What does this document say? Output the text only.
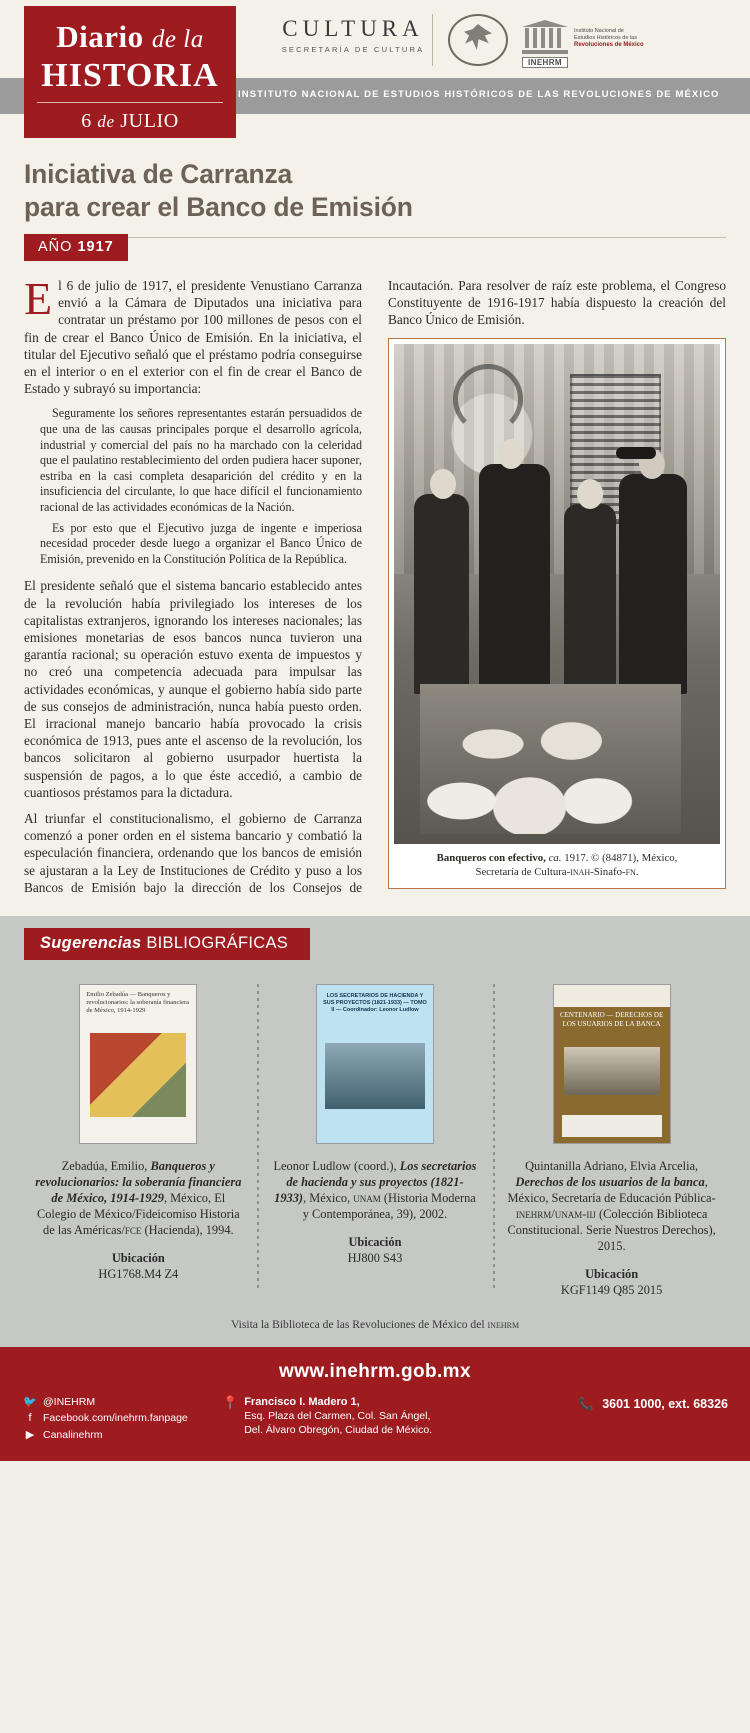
INSTITUTO NACIONAL DE ESTUDIOS HISTÓRICOS DE LAS REVOLUCIONES DE MÉXICO
Diario de la
HISTORIA
6 de JULIO
CULTURA
SECRETARÍA DE CULTURA
INEHRM
Instituto Nacional de
Estudios Históricos de las
Revoluciones de México
Iniciativa de Carranza
para crear el Banco de Emisión
AÑO 1917

E l 6 de julio de 1917, el presidente Venustiano Carranza envió a la Cámara de Diputados una iniciativa para contratar un préstamo por 100 millones de pesos con el fin de crear el Banco Único de Emisión. En la iniciativa, el titular del Ejecutivo señaló que el préstamo podría conseguirse en el interior o en el exterior con el fin de crear el Banco de Estado y subrayó su importancia:

Seguramente los señores representantes estarán persuadidos de que una de las causas principales porque el desarrollo agrícola, industrial y comercial del país no ha marchado con la celeridad que el paulatino restablecimiento del orden pudiera hacer suponer, estriba en la casi completa desaparición del crédito y en la insuficiencia del circulante, lo que hace difícil el funcionamiento racional de las actividades económicas de la Nación.

Es por esto que el Ejecutivo juzga de ingente e imperiosa necesidad proceder desde luego a organizar el Banco Único de Emisión, prevenido en la Constitución Política de la República.

El presidente señaló que el sistema bancario establecido antes de la revolución había privilegiado los intereses de los capitalistas extranjeros, ignorando los intereses nacionales; las emisiones monetarias de esos bancos nunca tuvieron una garantía racional; su operación estuvo exenta de impuestos y no creó una competencia adecuada para impulsar las actividades económicas, y aunque el gobierno había sido parte de sus consejos de administración, nunca había puesto orden. El irracional manejo bancario había provocado la crisis económica de 1913, pues ante el ascenso de la revolución, los bancos solicitaron al gobierno usurpador huertista la suspensión de pagos, a lo que éste accedió, a cambio de cuantiosos préstamos para la dictadura.

Al triunfar el constitucionalismo, el gobierno de Carranza comenzó a poner orden en el sistema bancario y combatió la especulación financiera, ordenando que los bancos de emisión se ajustaran a la Ley de Instituciones de Crédito y puso a los Bancos de Emisión bajo la dirección de los Consejos de Incautación. Para resolver de raíz este problema, el Congreso Constituyente de 1916-1917 había dispuesto la creación del Banco Único de Emisión.

Banqueros con efectivo, ca. 1917. © (84871), México,
Secretaría de Cultura-inah-Sinafo-fn.
Sugerencias BIBLIOGRÁFICAS
Emilio Zebadúa — Banqueros y revolucionarios: la soberanía financiera de México, 1914-1929
Zebadúa, Emilio, Banqueros y revolucionarios: la soberanía financiera de México, 1914-1929, México, El Colegio de México/Fideicomiso Historia de las Américas/fce (Hacienda), 1994.
Ubicación
HG1768.M4 Z4
LOS SECRETARIOS DE HACIENDA Y SUS PROYECTOS (1821-1933) — TOMO II — Coordinador: Leonor Ludlow
Leonor Ludlow (coord.), Los secretarios de hacienda y sus proyectos (1821-1933), México, unam (Historia Moderna y Contemporánea, 39), 2002.
Ubicación
HJ800 S43
CENTENARIO — DERECHOS DE LOS USUARIOS DE LA BANCA
Quintanilla Adriano, Elvia Arcelia, Derechos de los usuarios de la banca, México, Secretaría de Educación Pública-inehrm/unam-iij (Colección Biblioteca Constitucional. Serie Nuestros Derechos), 2015.
Ubicación
KGF1149 Q85 2015
Visita la Biblioteca de las Revoluciones de México del inehrm
www.inehrm.gob.mx
🐦 @INEHRM
f	Facebook.com/inehrm.fanpage
▶ Canal inehrm
📍 Francisco I. Madero 1,
Esq. Plaza del Carmen, Col. San Ángel,
Del. Álvaro Obregón, Ciudad de México.
📞 3601 1000, ext. 68326
